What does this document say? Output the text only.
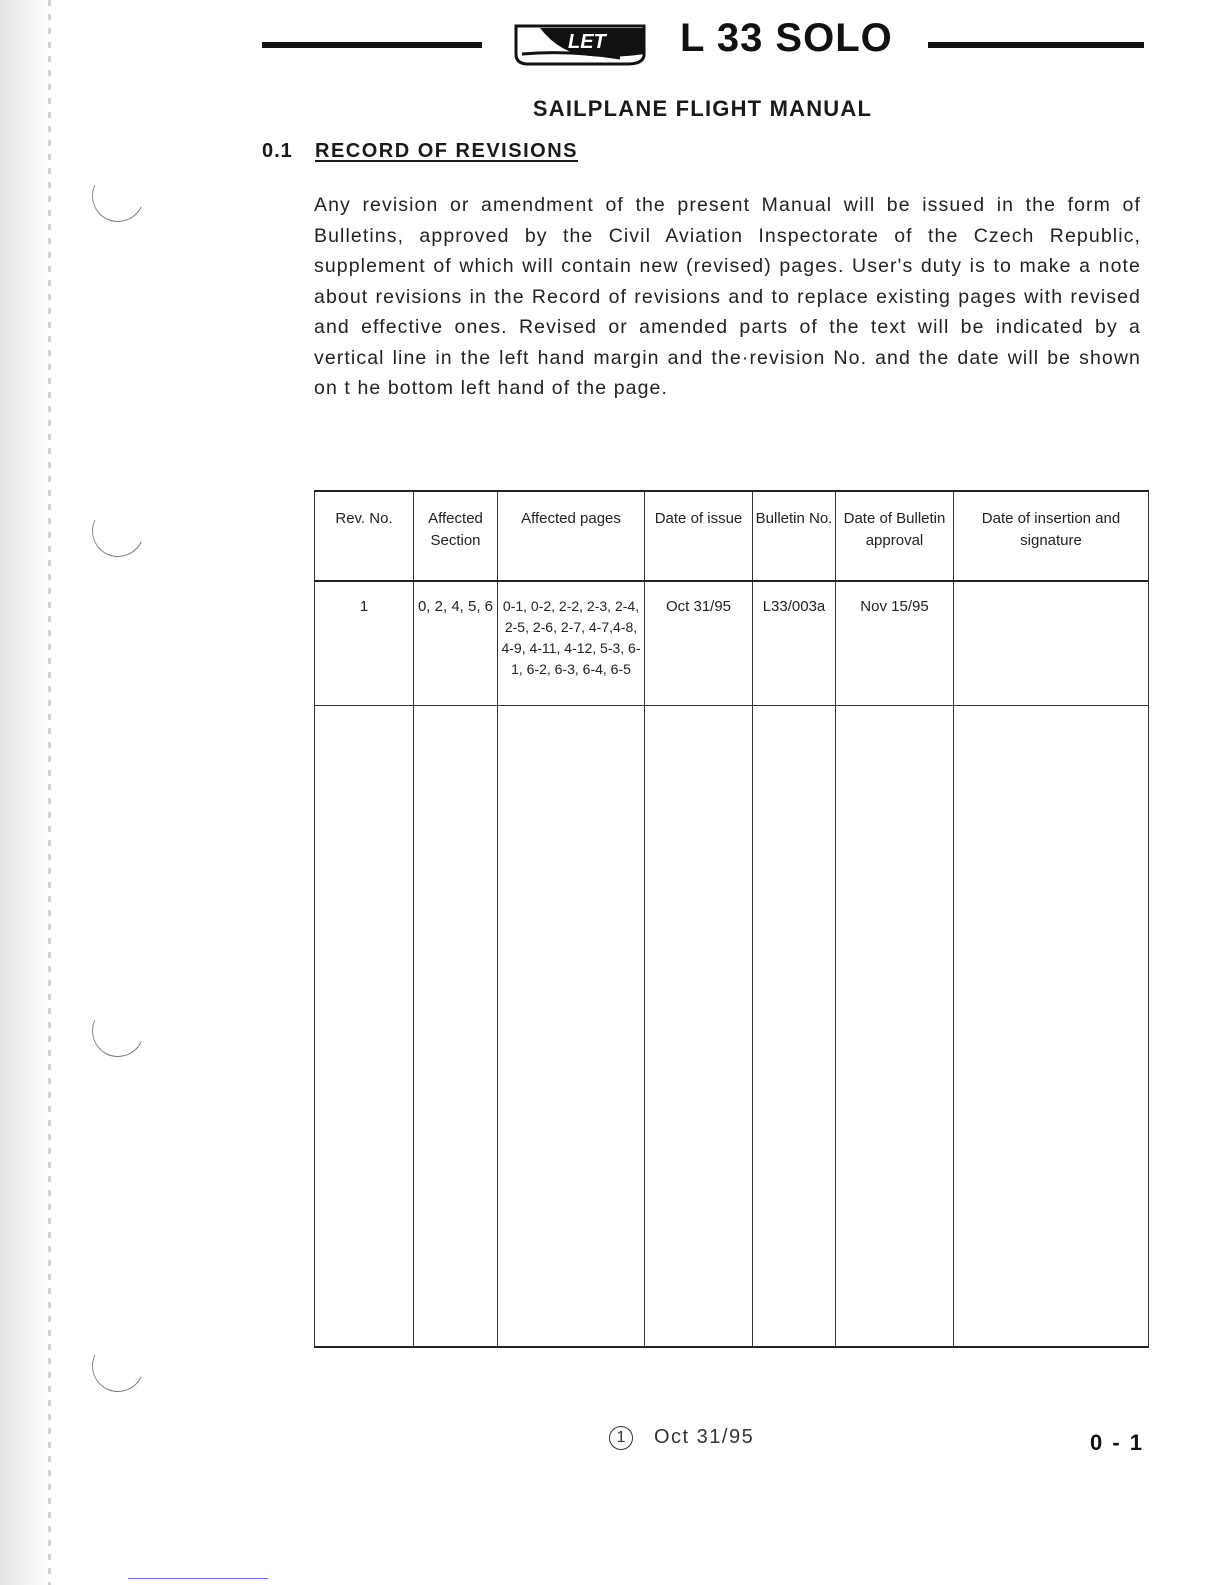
LET L 33 SOLO
SAILPLANE FLIGHT MANUAL
0.1 RECORD OF REVISIONS
Any revision or amendment of the present Manual will be issued in the form of Bulletins, approved by the Civil Aviation Inspectorate of the Czech Republic, supplement of which will contain new (revised) pages. User's duty is to make a note about revisions in the Record of revisions and to replace existing pages with revised and effective ones. Revised or amended parts of the text will be indicated by a vertical line in the left hand margin and the·revision No. and the date will be shown on t he bottom left hand of the page.
Rev. No.	Affected Section	Affected pages	Date of issue	Bulletin No.	Date of Bulletin approval	Date of insertion and signature
1	0, 2, 4, 5, 6	0-1, 0-2, 2-2, 2-3, 2-4, 2-5, 2-6, 2-7, 4-7,4-8, 4-9, 4-11, 4-12, 5-3, 6-1, 6-2, 6-3, 6-4, 6-5	Oct 31/95	L33/003a	Nov 15/95	

1	Oct 31/95	0 - 1
